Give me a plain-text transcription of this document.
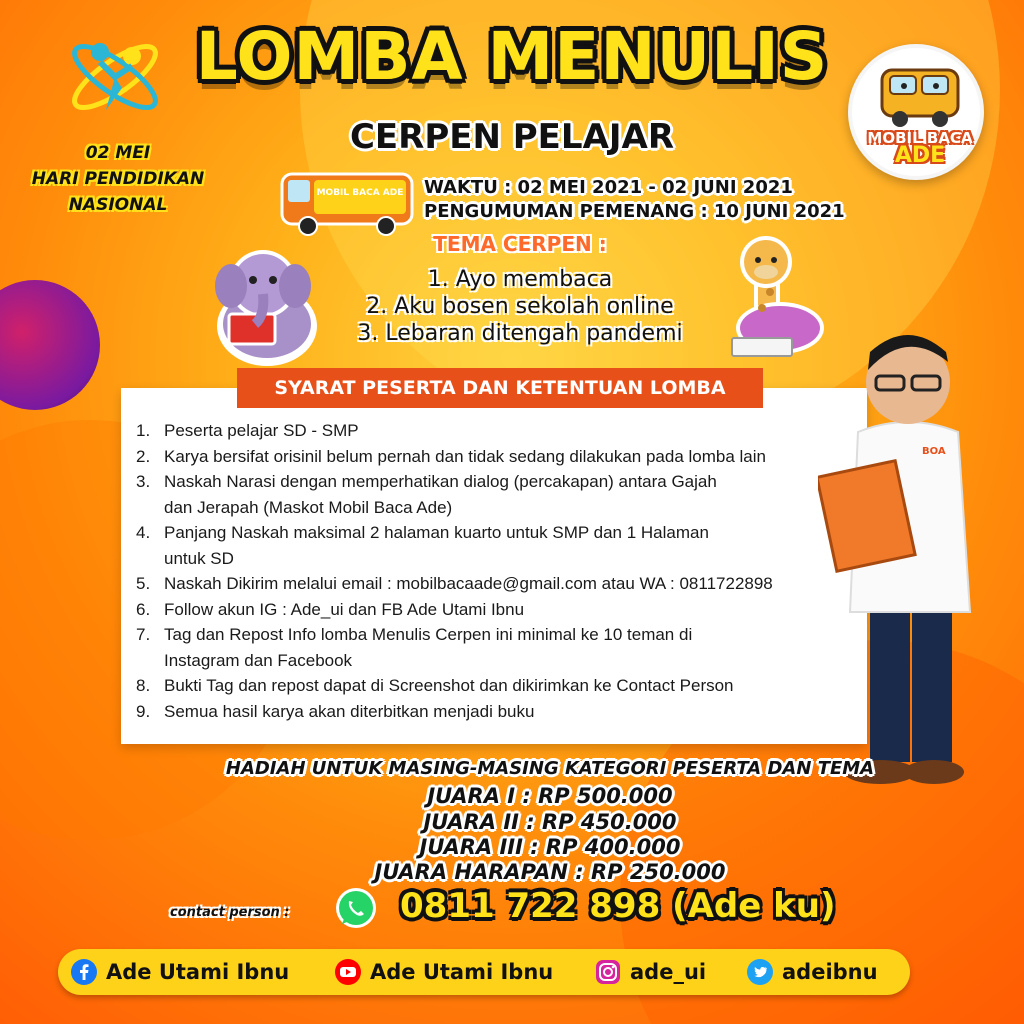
LOMBA MENULIS
CERPEN PELAJAR
02 MEI
HARI PENDIDIKAN
NASIONAL
MOBIL BACA
ADE
MOBIL BACA ADE WAKTU : 02 MEI 2021 - 02 JUNI 2021
PENGUMUMAN PEMENANG : 10 JUNI 2021
TEMA CERPEN :
1. Ayo membaca
2. Aku bosen sekolah online
3. Lebaran ditengah pandemi
SYARAT PESERTA DAN KETENTUAN LOMBA
1. Peserta pelajar SD - SMP
2. Karya bersifat orisinil belum pernah dan tidak sedang dilakukan pada lomba lain
3. Naskah Narasi dengan memperhatikan dialog (percakapan) antara Gajah
dan Jerapah (Maskot Mobil Baca Ade)
4. Panjang Naskah maksimal 2 halaman kuarto untuk SMP dan 1 Halaman
untuk SD
5. Naskah Dikirim melalui email : mobilbacaade@gmail.com atau WA : 0811722898
6. Follow akun IG : Ade_ui dan FB Ade Utami Ibnu
7. Tag dan Repost Info lomba Menulis Cerpen ini minimal ke 10 teman di
Instagram dan Facebook
8. Bukti Tag dan repost dapat di Screenshot dan dikirimkan ke Contact Person
9. Semua hasil karya akan diterbitkan menjadi buku
BOA
HADIAH UNTUK MASING-MASING KATEGORI PESERTA DAN TEMA
JUARA I : RP 500.000
JUARA II : RP 450.000
JUARA III : RP 400.000
JUARA HARAPAN : RP 250.000
contact person :	0811 722 898 (Ade ku)
Ade Utami Ibnu	Ade Utami Ibnu	ade_ui	adeibnu
